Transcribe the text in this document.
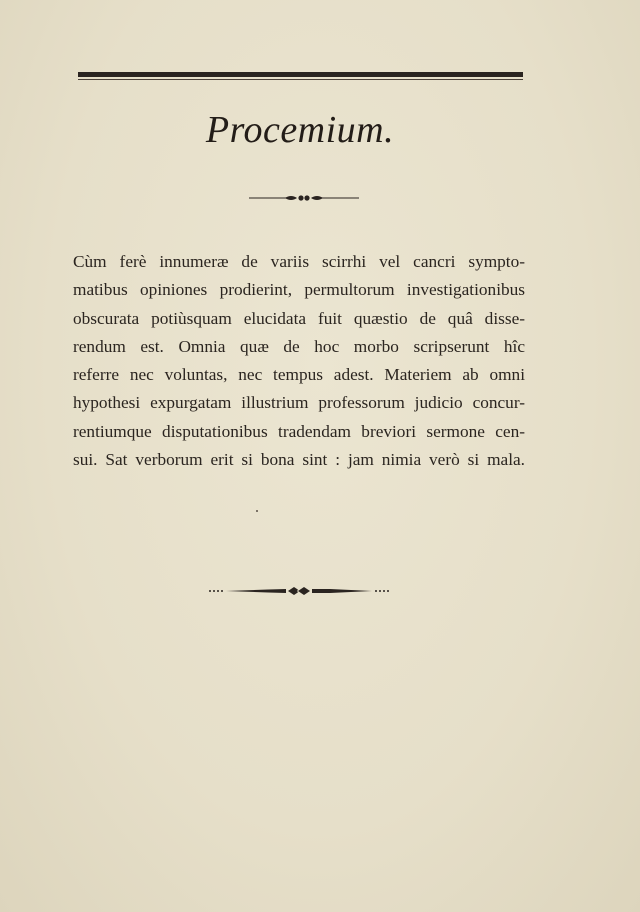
Procemium.
Cùm ferè innumeræ de variis scirrhi vel cancri sympto-
matibus opiniones prodierint, permultorum investigationibus
obscurata potiùsquam elucidata fuit quæstio de quâ disse-
rendum est. Omnia quæ de hoc morbo scripserunt hîc
referre nec voluntas, nec tempus adest. Materiem ab omni
hypothesi expurgatam illustrium professorum judicio concur-
rentiumque disputationibus tradendam breviori sermone cen-
sui. Sat verborum erit si bona sint : jam nimia verò si mala.
